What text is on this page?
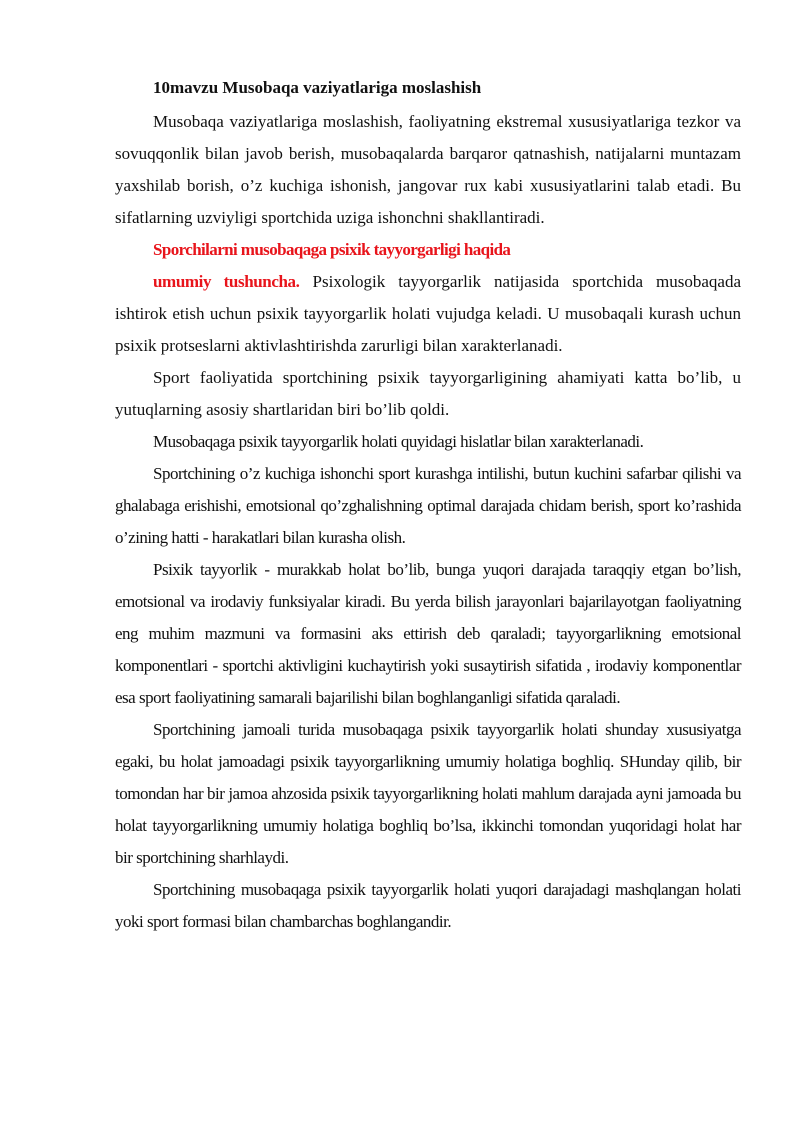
10mavzu Musobaqa vaziyatlariga moslashish

Musobaqa vaziyatlariga moslashish, faoliyatning ekstremal xususiyatlariga tezkor va sovuqqonlik bilan javob berish, musobaqalarda barqaror qatnashish, natijalarni muntazam yaxshilab borish, o’z kuchiga ishonish, jangovar rux kabi xususiyatlarini talab etadi. Bu sifatlarning uzviyligi sportchida uziga ishonchni shakllantiradi.

Sporchilarni musobaqaga psixik tayyorgarligi haqida

umumiy tushuncha. Psixologik tayyorgarlik natijasida sportchida musobaqada ishtirok etish uchun psixik tayyorgarlik holati vujudga keladi. U musobaqali kurash uchun psixik protseslarni aktivlashtirishda zarurligi bilan xarakterlanadi.

Sport faoliyatida sportchining psixik tayyorgarligining ahamiyati katta bo’lib, u yutuqlarning asosiy shartlaridan biri bo’lib qoldi.

Musobaqaga psixik tayyorgarlik holati quyidagi hislatlar bilan xarakterlanadi.

Sportchining o’z kuchiga ishonchi sport kurashga intilishi, butun kuchini safarbar qilishi va ghalabaga erishishi, emotsional qo’zghalishning optimal darajada chidam berish, sport ko’rashida o’zining hatti - harakatlari bilan kurasha olish.

Psixik tayyorlik - murakkab holat bo’lib, bunga yuqori darajada taraqqiy etgan bo’lish, emotsional va irodaviy funksiyalar kiradi. Bu yerda bilish jarayonlari bajarilayotgan faoliyatning eng muhim mazmuni va formasini aks ettirish deb qaraladi; tayyorgarlikning emotsional komponentlari - sportchi aktivligini kuchaytirish yoki susaytirish sifatida , irodaviy komponentlar esa sport faoliyatining samarali bajarilishi bilan boghlanganligi sifatida qaraladi.

Sportchining jamoali turida musobaqaga psixik tayyorgarlik holati shunday xususiyatga egaki, bu holat jamoadagi psixik tayyorgarlikning umumiy holatiga boghliq. SHunday qilib, bir tomondan har bir jamoa ahzosida psixik tayyorgarlikning holati mahlum darajada ayni jamoada bu holat tayyorgarlikning umumiy holatiga boghliq bo’lsa, ikkinchi tomondan yuqoridagi holat har bir sportchining sharhlaydi.

Sportchining musobaqaga psixik tayyorgarlik holati yuqori darajadagi mashqlangan holati yoki sport formasi bilan chambarchas boghlangandir.
